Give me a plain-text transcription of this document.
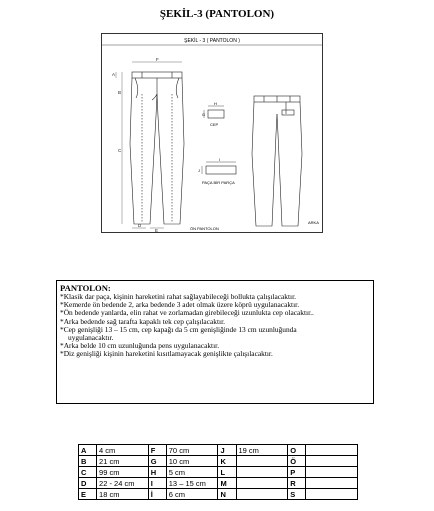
ŞEKİL-3 (PANTOLON)
ŞEKİL - 3 ( PANTOLON )
A
B
C
D
E
F
ÖN PANTOLON
G
H
CEP
I
J
PAÇA BİR PARÇA
ARKA
PANTOLON:

*Klasik dar paça, kişinin hareketini rahat sağlayabileceği bollukta çalışılacaktır.

*Kemerde ön bedende 2, arka bedende 3 adet olmak üzere köprü uygulanacaktır.

*Ön bedende yanlarda, elin rahat ve zorlamadan girebileceği uzunlukta cep olacaktır..

*Arka bedende sağ tarafta kapaklı tek cep çalışılacaktır.

*Cep genişliği 13 – 15 cm, cep kapağı da 5 cm genişliğinde 13 cm uzunluğunda

uygulanacaktır.

*Arka belde 10 cm uzunluğunda pens uygulanacaktır.

*Diz genişliği kişinin hareketini kısıtlamayacak genişlikte çalışılacaktır.

A	4 cm	F	70 cm	J	19 cm	O	
B	21 cm	G	10 cm	K		Ö	
C	99 cm	H	5 cm	L		P	
D	22 - 24 cm	I	13 – 15 cm	M		R	
E	18 cm	İ	6 cm	N		S	
